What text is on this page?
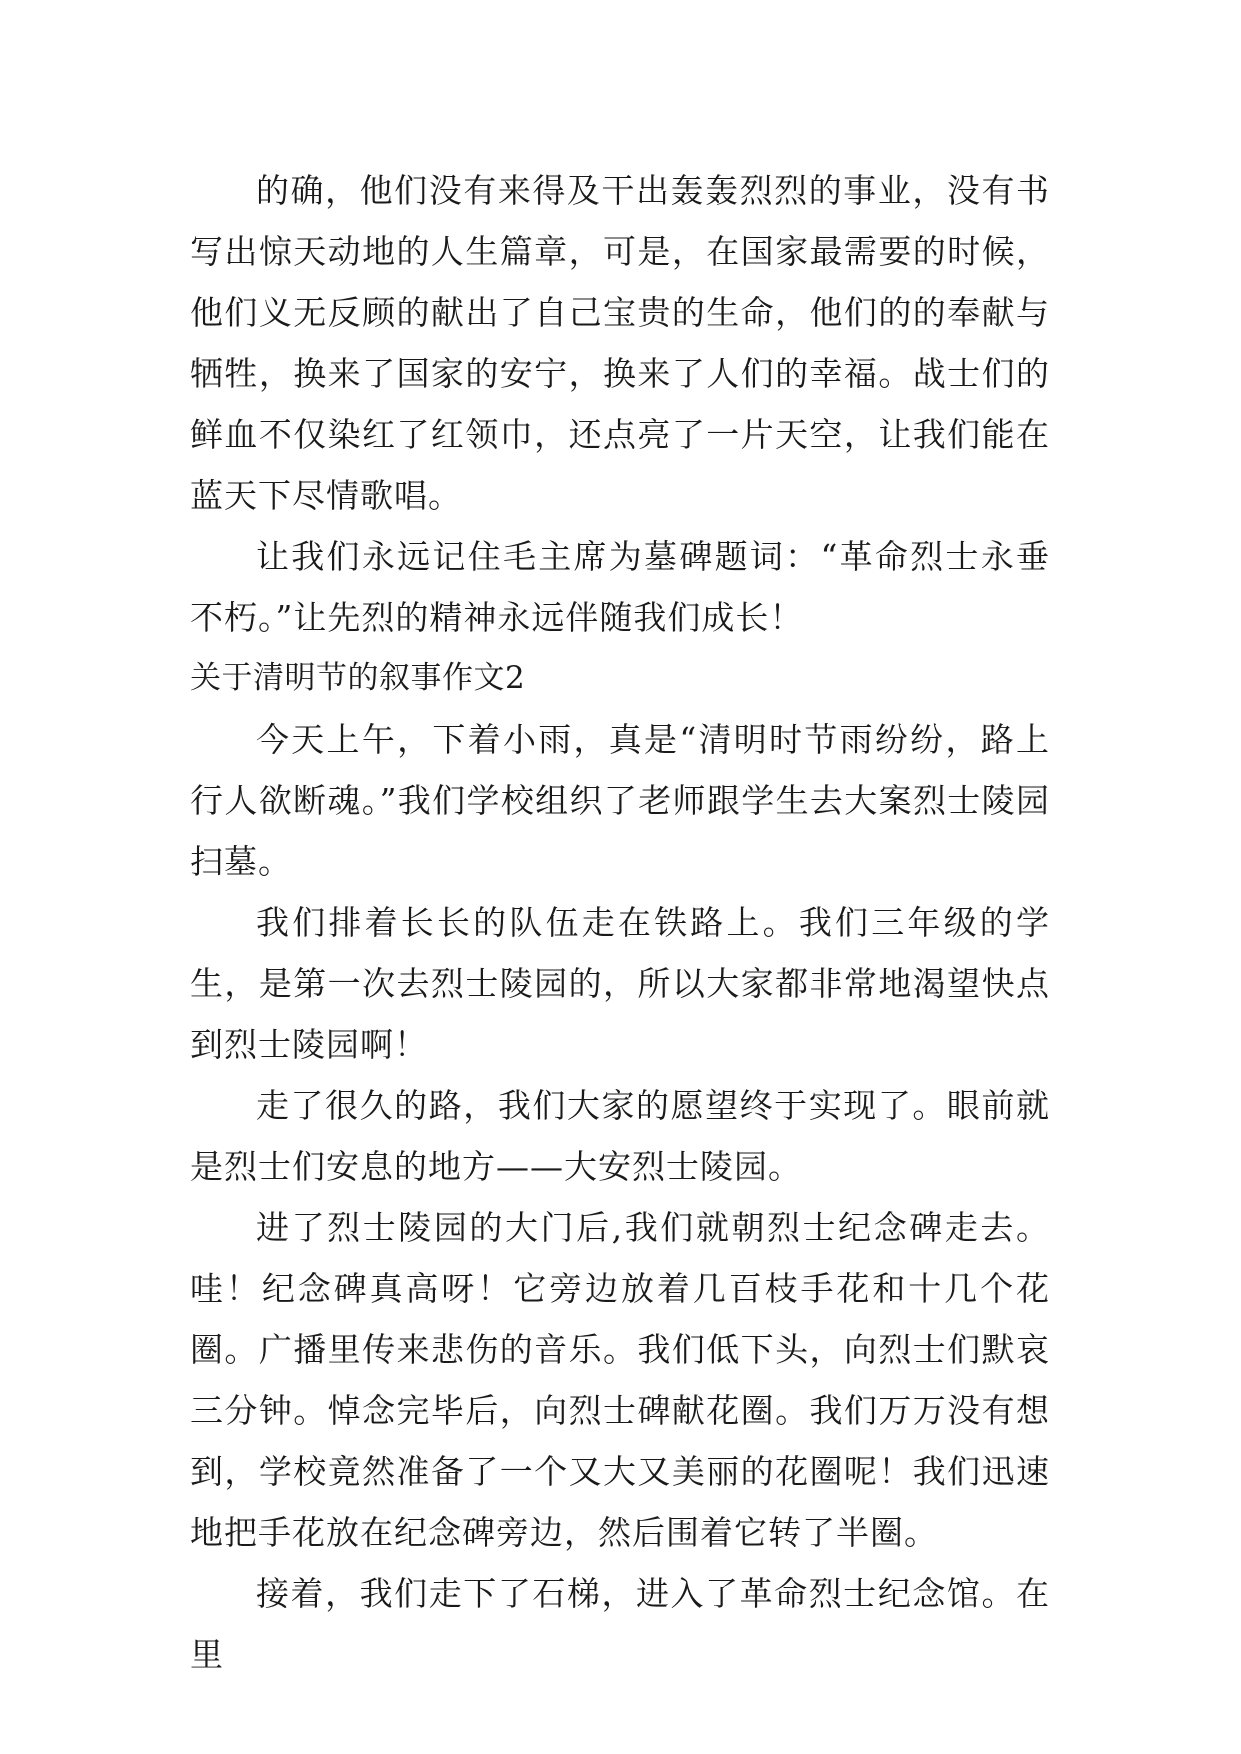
的确，他们没有来得及干出轰轰烈烈的事业，没有书写出惊天动地的人生篇章，可是，在国家最需要的时候，他们义无反顾的献出了自己宝贵的生命，他们的的奉献与牺牲，换来了国家的安宁，换来了人们的幸福。战士们的鲜血不仅染红了红领巾，还点亮了一片天空，让我们能在蓝天下尽情歌唱。

让我们永远记住毛主席为墓碑题词：“革命烈士永垂不朽。”让先烈的精神永远伴随我们成长！

关于清明节的叙事作文2

今天上午，下着小雨，真是“清明时节雨纷纷，路上行人欲断魂。”我们学校组织了老师跟学生去大案烈士陵园扫墓。

我们排着长长的队伍走在铁路上。我们三年级的学生，是第一次去烈士陵园的，所以大家都非常地渴望快点到烈士陵园啊！

走了很久的路，我们大家的愿望终于实现了。眼前就是烈士们安息的地方——大安烈士陵园。

进了烈士陵园的大门后,我们就朝烈士纪念碑走去。哇！纪念碑真高呀！它旁边放着几百枝手花和十几个花圈。广播里传来悲伤的音乐。我们低下头，向烈士们默哀三分钟。悼念完毕后，向烈士碑献花圈。我们万万没有想到，学校竟然准备了一个又大又美丽的花圈呢！我们迅速地把手花放在纪念碑旁边，然后围着它转了半圈。

接着，我们走下了石梯，进入了革命烈士纪念馆。在里
